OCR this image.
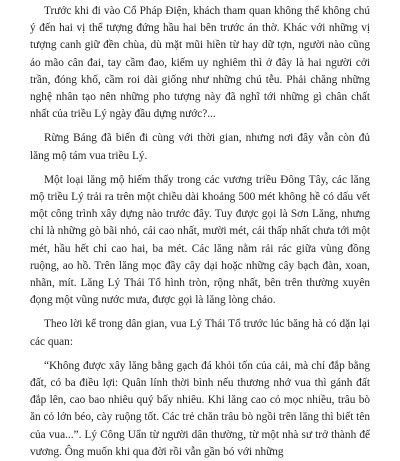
Trước khi đi vào Cổ Pháp Điện, khách tham quan không thể không chú ý đến hai vị thể tượng đứng hầu hai bên trước án thờ. Khác với những vị tượng canh giữ đền chùa, dù mặt mũi hiền từ hay dữ tợn, người nào cũng áo mão cân đai, tay cầm đao, kiếm uy nghiêm thì ở đây là hai người cởi trần, đóng khố, cầm roi dài giống như những chú tễu. Phải chăng những nghệ nhân tạo nên những pho tượng này đã nghĩ tới những gì chân chất nhất của triều Lý ngày đầu dựng nước?...

Rừng Báng đã biến đi cùng với thời gian, nhưng nơi đây vẫn còn đủ lăng mộ tám vua triều Lý.

Một loại lăng mộ hiếm thấy trong các vương triều Đông Tây, các lăng mộ triều Lý trải ra trên một chiều dài khoảng 500 mét không hề có dấu vết một công trình xây dựng nào trước đây. Tuy được gọi là Sơn Lăng, nhưng chỉ là những gò bãi nhỏ, cái cao nhất, mười mét, cái thấp nhất chưa tới một mét, hầu hết chỉ cao hai, ba mét. Các lăng nằm rải rác giữa vùng đồng ruộng, ao hồ. Trên lăng mọc đầy cây dại hoặc những cây bạch đàn, xoan, nhãn, mít. Lăng Lý Thái Tổ hình tròn, rộng nhất, bên trên thường xuyên đọng một vũng nước mưa, được gọi là lăng lòng chảo.

Theo lời kể trong dân gian, vua Lý Thái Tổ trước lúc băng hà có dặn lại các quan:

“Không được xây lăng bằng gạch đá khỏi tốn của cải, mà chỉ đắp bằng đất, có ba điều lợi: Quân lính thời bình nếu thương nhớ vua thì gánh đất đắp lên, cao bao nhiêu quý bấy nhiêu. Khi lăng cao cỏ mọc nhiều, trâu bò ăn cỏ lớn béo, cày ruộng tốt. Các trẻ chăn trâu bò ngồi trên lăng thì biết tên của vua...”. Lý Công Uẩn từ người dân thường, từ một nhà sư trở thành đế vương. Ông muốn khi qua đời rồi vẫn gần bó với những
